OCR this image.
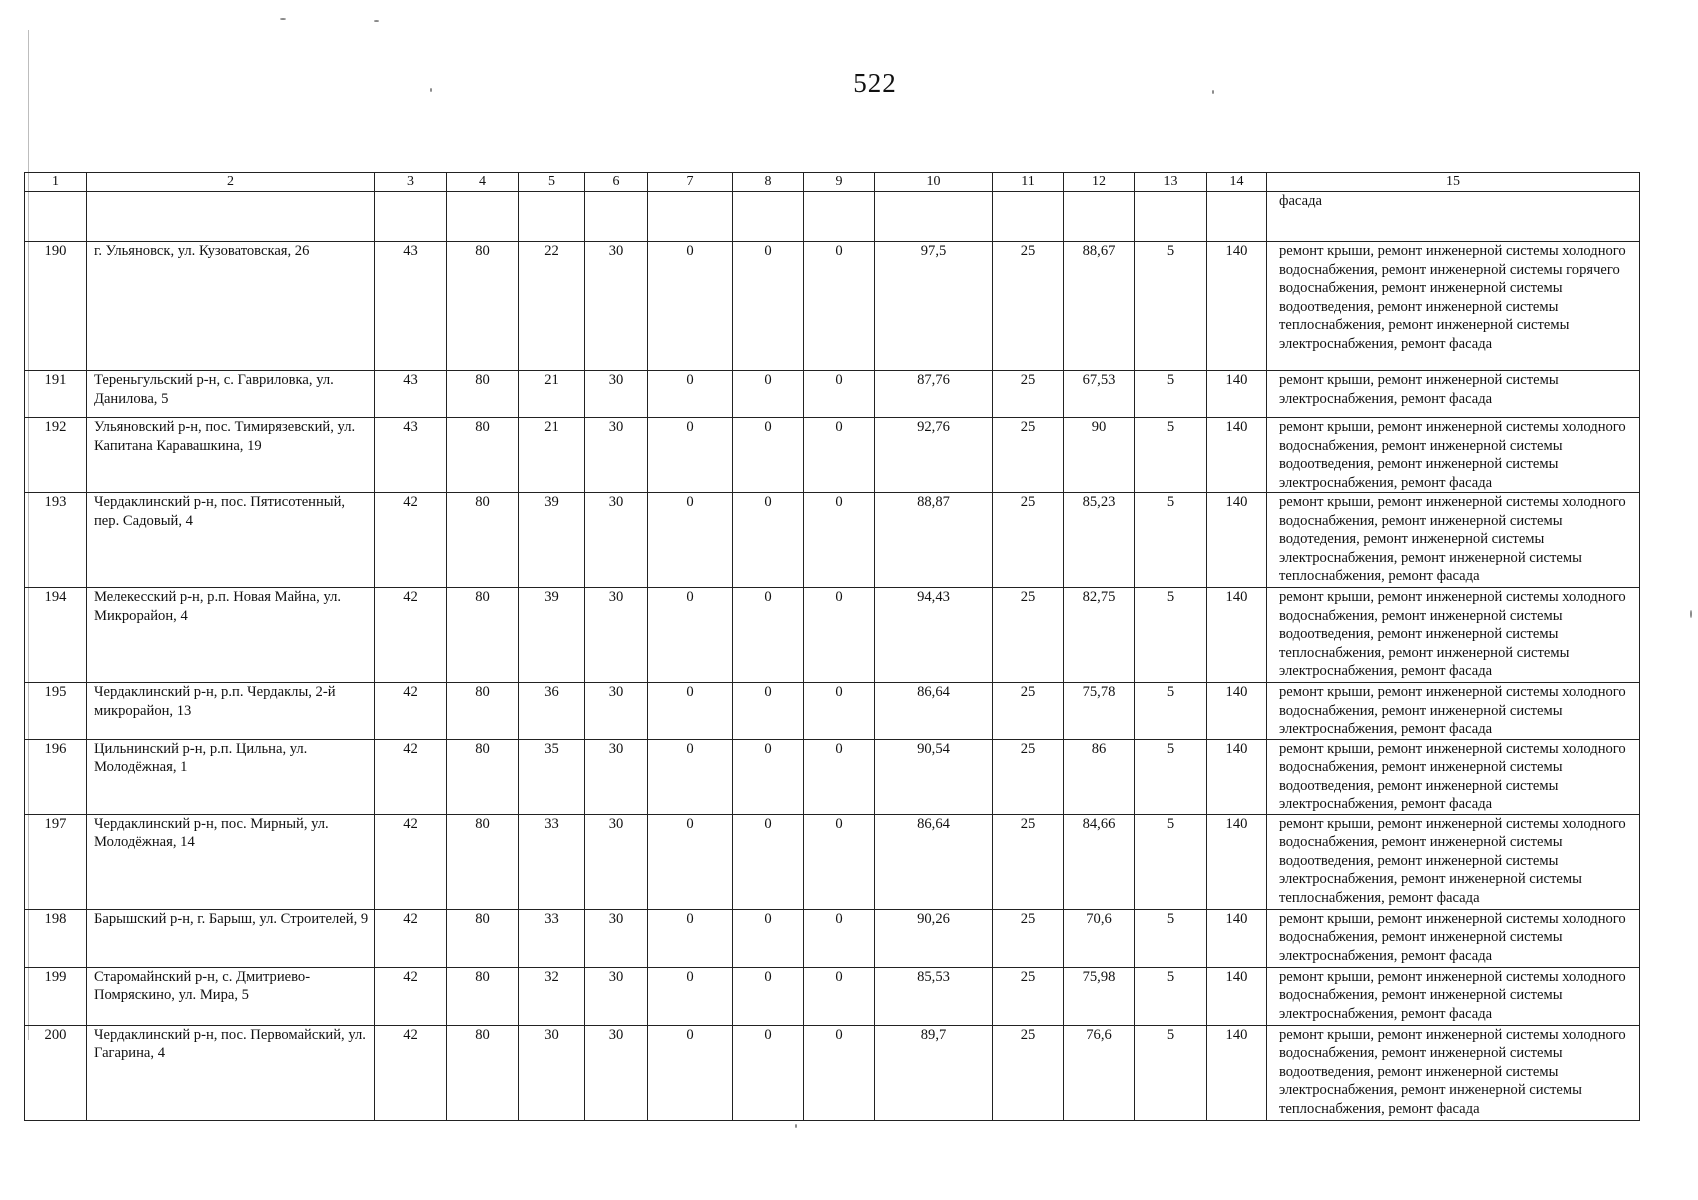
522
1	2	3	4	5	6	7	8	9	10	11	12	13	14	15
														фасада
190	г. Ульяновск, ул. Кузоватовская, 26	43	80	22	30	0	0	0	97,5	25	88,67	5	140	ремонт крыши, ремонт инженерной системы холодного водоснабжения, ремонт инженерной системы горячего водоснабжения, ремонт инженерной системы водоотведения, ремонт инженерной системы теплоснабжения, ремонт инженерной системы электроснабжения, ремонт фасада
191	Тереньгульский р-н, с. Гавриловка, ул. Данилова, 5	43	80	21	30	0	0	0	87,76	25	67,53	5	140	ремонт крыши, ремонт инженерной системы электроснабжения, ремонт фасада
192	Ульяновский р-н, пос. Тимирязевский, ул. Капитана Каравашкина, 19	43	80	21	30	0	0	0	92,76	25	90	5	140	ремонт крыши, ремонт инженерной системы холодного водоснабжения, ремонт инженерной системы водоотведения, ремонт инженерной системы электроснабжения, ремонт фасада
193	Чердаклинский р-н, пос. Пятисотенный, пер. Садовый, 4	42	80	39	30	0	0	0	88,87	25	85,23	5	140	ремонт крыши, ремонт инженерной системы холодного водоснабжения, ремонт инженерной системы водотедения, ремонт инженерной системы электроснабжения, ремонт инженерной системы теплоснабжения, ремонт фасада
194	Мелекесский р-н, р.п. Новая Майна, ул. Микрорайон, 4	42	80	39	30	0	0	0	94,43	25	82,75	5	140	ремонт крыши, ремонт инженерной системы холодного водоснабжения, ремонт инженерной системы водоотведения, ремонт инженерной системы теплоснабжения, ремонт инженерной системы электроснабжения, ремонт фасада
195	Чердаклинский р-н, р.п. Чердаклы, 2-й микрорайон, 13	42	80	36	30	0	0	0	86,64	25	75,78	5	140	ремонт крыши, ремонт инженерной системы холодного водоснабжения, ремонт инженерной системы электроснабжения, ремонт фасада
196	Цильнинский р-н, р.п. Цильна, ул. Молодёжная, 1	42	80	35	30	0	0	0	90,54	25	86	5	140	ремонт крыши, ремонт инженерной системы холодного водоснабжения, ремонт инженерной системы водоотведения, ремонт инженерной системы электроснабжения, ремонт фасада
197	Чердаклинский р-н, пос. Мирный, ул. Молодёжная, 14	42	80	33	30	0	0	0	86,64	25	84,66	5	140	ремонт крыши, ремонт инженерной системы холодного водоснабжения, ремонт инженерной системы водоотведения, ремонт инженерной системы электроснабжения, ремонт инженерной системы теплоснабжения, ремонт фасада
198	Барышский р-н, г. Барыш, ул. Строителей, 9	42	80	33	30	0	0	0	90,26	25	70,6	5	140	ремонт крыши, ремонт инженерной системы холодного водоснабжения, ремонт инженерной системы электроснабжения, ремонт фасада
199	Старомайнский р-н, с. Дмитриево-Помряскино, ул. Мира, 5	42	80	32	30	0	0	0	85,53	25	75,98	5	140	ремонт крыши, ремонт инженерной системы холодного водоснабжения, ремонт инженерной системы электроснабжения, ремонт фасада
200	Чердаклинский р-н, пос. Первомайский, ул. Гагарина, 4	42	80	30	30	0	0	0	89,7	25	76,6	5	140	ремонт крыши, ремонт инженерной системы холодного водоснабжения, ремонт инженерной системы водоотведения, ремонт инженерной системы электроснабжения, ремонт инженерной системы теплоснабжения, ремонт фасада
